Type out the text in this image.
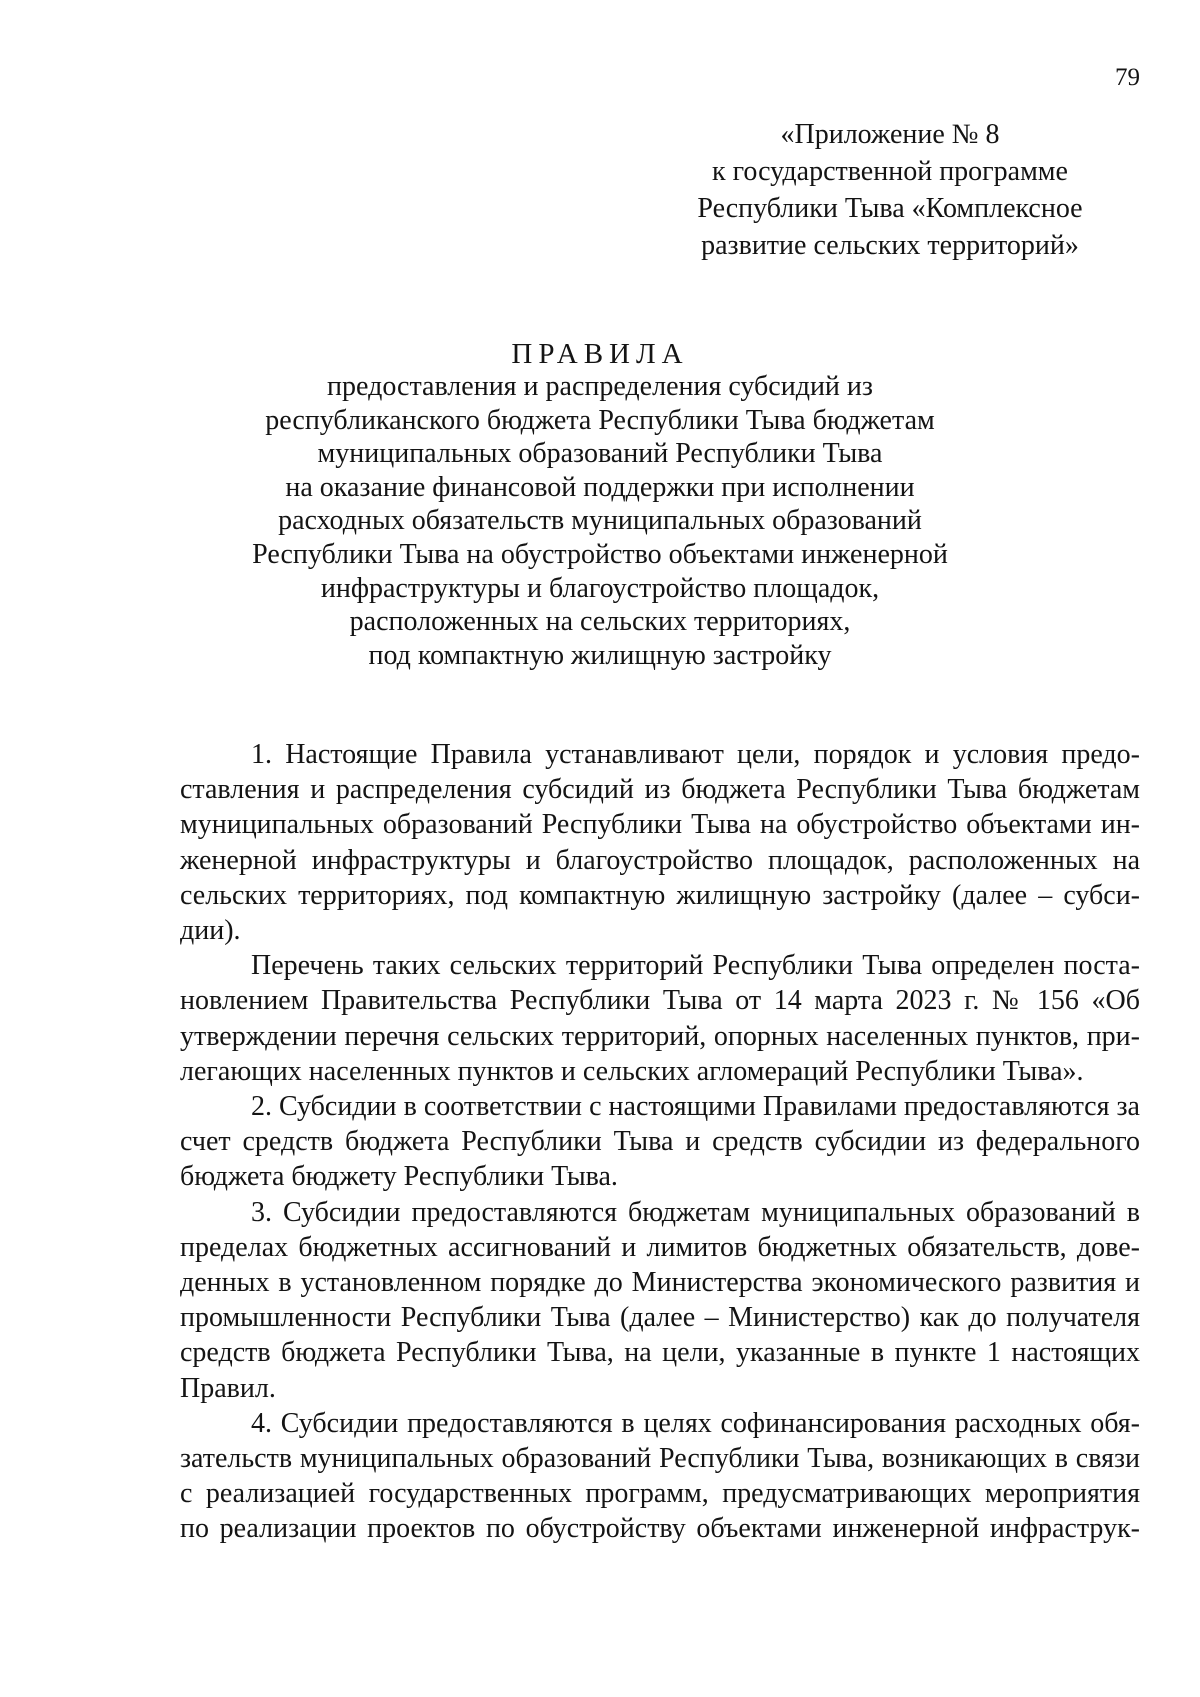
79
«Приложение № 8
к государственной программе
Республики Тыва «Комплексное
развитие сельских территорий»
ПРАВИЛА
предоставления и распределения субсидий из
республиканского бюджета Республики Тыва бюджетам
муниципальных образований Республики Тыва
на оказание финансовой поддержки при исполнении
расходных обязательств муниципальных образований
Республики Тыва на обустройство объектами инженерной
инфраструктуры и благоустройство площадок,
расположенных на сельских территориях,
под компактную жилищную застройку
1. Настоящие Правила устанавливают цели, порядок и условия предо-
ставления и распределения субсидий из бюджета Республики Тыва бюджетам
муниципальных образований Республики Тыва на обустройство объектами ин-
женерной инфраструктуры и благоустройство площадок, расположенных на
сельских территориях, под компактную жилищную застройку (далее – субси-
дии).
Перечень таких сельских территорий Республики Тыва определен поста-
новлением Правительства Республики Тыва от 14 марта 2023 г. № 156 «Об
утверждении перечня сельских территорий, опорных населенных пунктов, при-
легающих населенных пунктов и сельских агломераций Республики Тыва».
2. Субсидии в соответствии с настоящими Правилами предоставляются за
счет средств бюджета Республики Тыва и средств субсидии из федерального
бюджета бюджету Республики Тыва.
3. Субсидии предоставляются бюджетам муниципальных образований в
пределах бюджетных ассигнований и лимитов бюджетных обязательств, дове-
денных в установленном порядке до Министерства экономического развития и
промышленности Республики Тыва (далее – Министерство) как до получателя
средств бюджета Республики Тыва, на цели, указанные в пункте 1 настоящих
Правил.
4. Субсидии предоставляются в целях софинансирования расходных обя-
зательств муниципальных образований Республики Тыва, возникающих в связи
с реализацией государственных программ, предусматривающих мероприятия
по реализации проектов по обустройству объектами инженерной инфраструк-
